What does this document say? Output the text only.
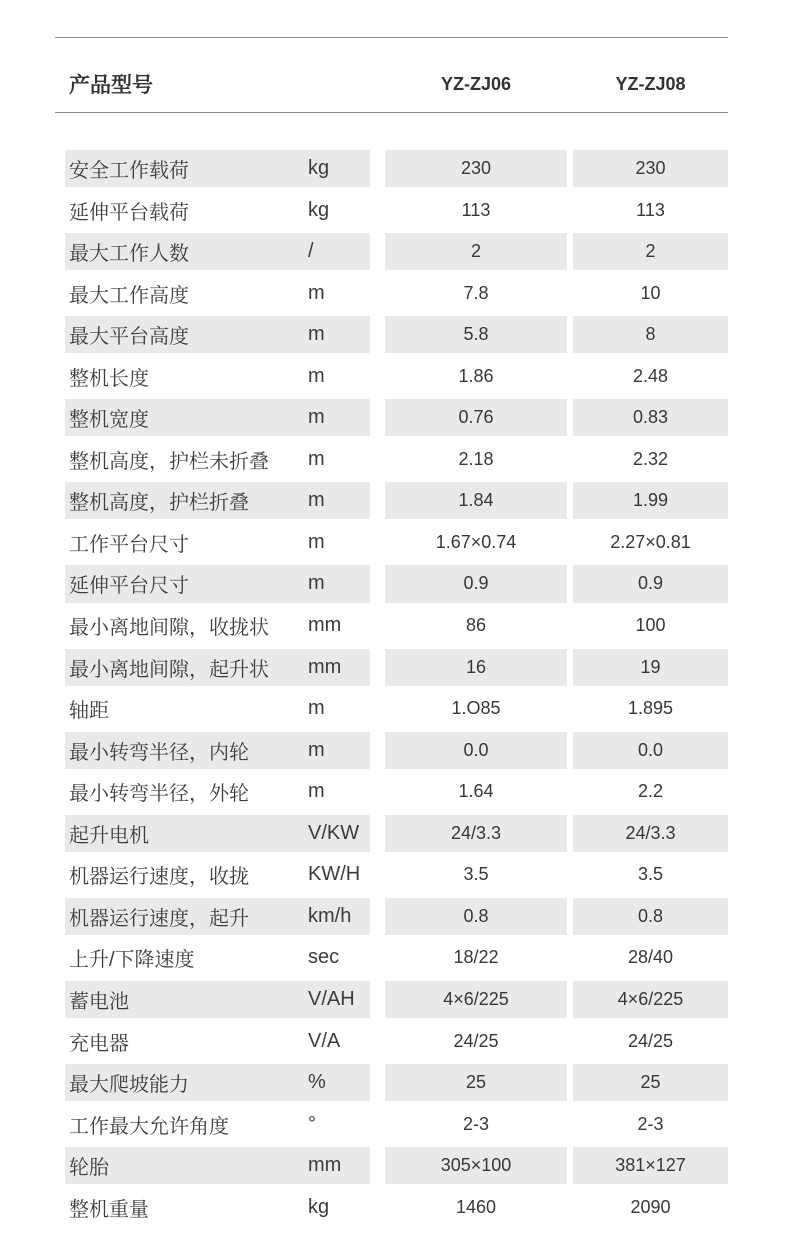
产品型号	YZ-ZJ06	YZ-ZJ08
安全工作载荷	kg	230	230
延伸平台载荷	kg	113	113
最大工作人数	/	2	2
最大工作高度	m	7.8	10
最大平台高度	m	5.8	8
整机长度	m	1.86	2.48
整机宽度	m	0.76	0.83
整机高度，护栏未折叠 m	2.18	2.32
整机高度，护栏折叠	m	1.84	1.99
工作平台尺寸	m	1.67×0.74	2.27×0.81
延伸平台尺寸	m	0.9	0.9
最小离地间隙，收拢状 mm	86	100
最小离地间隙，起升状 mm	16	19
轴距	m	1.O85	1.895
最小转弯半径，内轮	m	0.0	0.0
最小转弯半径，外轮	m	1.64	2.2
起升电机	V/KW	24/3.3	24/3.3
机器运行速度，收拢	KW/H	3.5	3.5
机器运行速度，起升	km/h	0.8	0.8
上升/下降速度	sec	18/22	28/40
蓄电池	V/AH	4×6/225	4×6/225
充电器	V/A	24/25	24/25
最大爬坡能力	%	25	25
工作最大允许角度	°	2-3	2-3
轮胎	mm	305×100	381×127
整机重量	kg	1460	2090
